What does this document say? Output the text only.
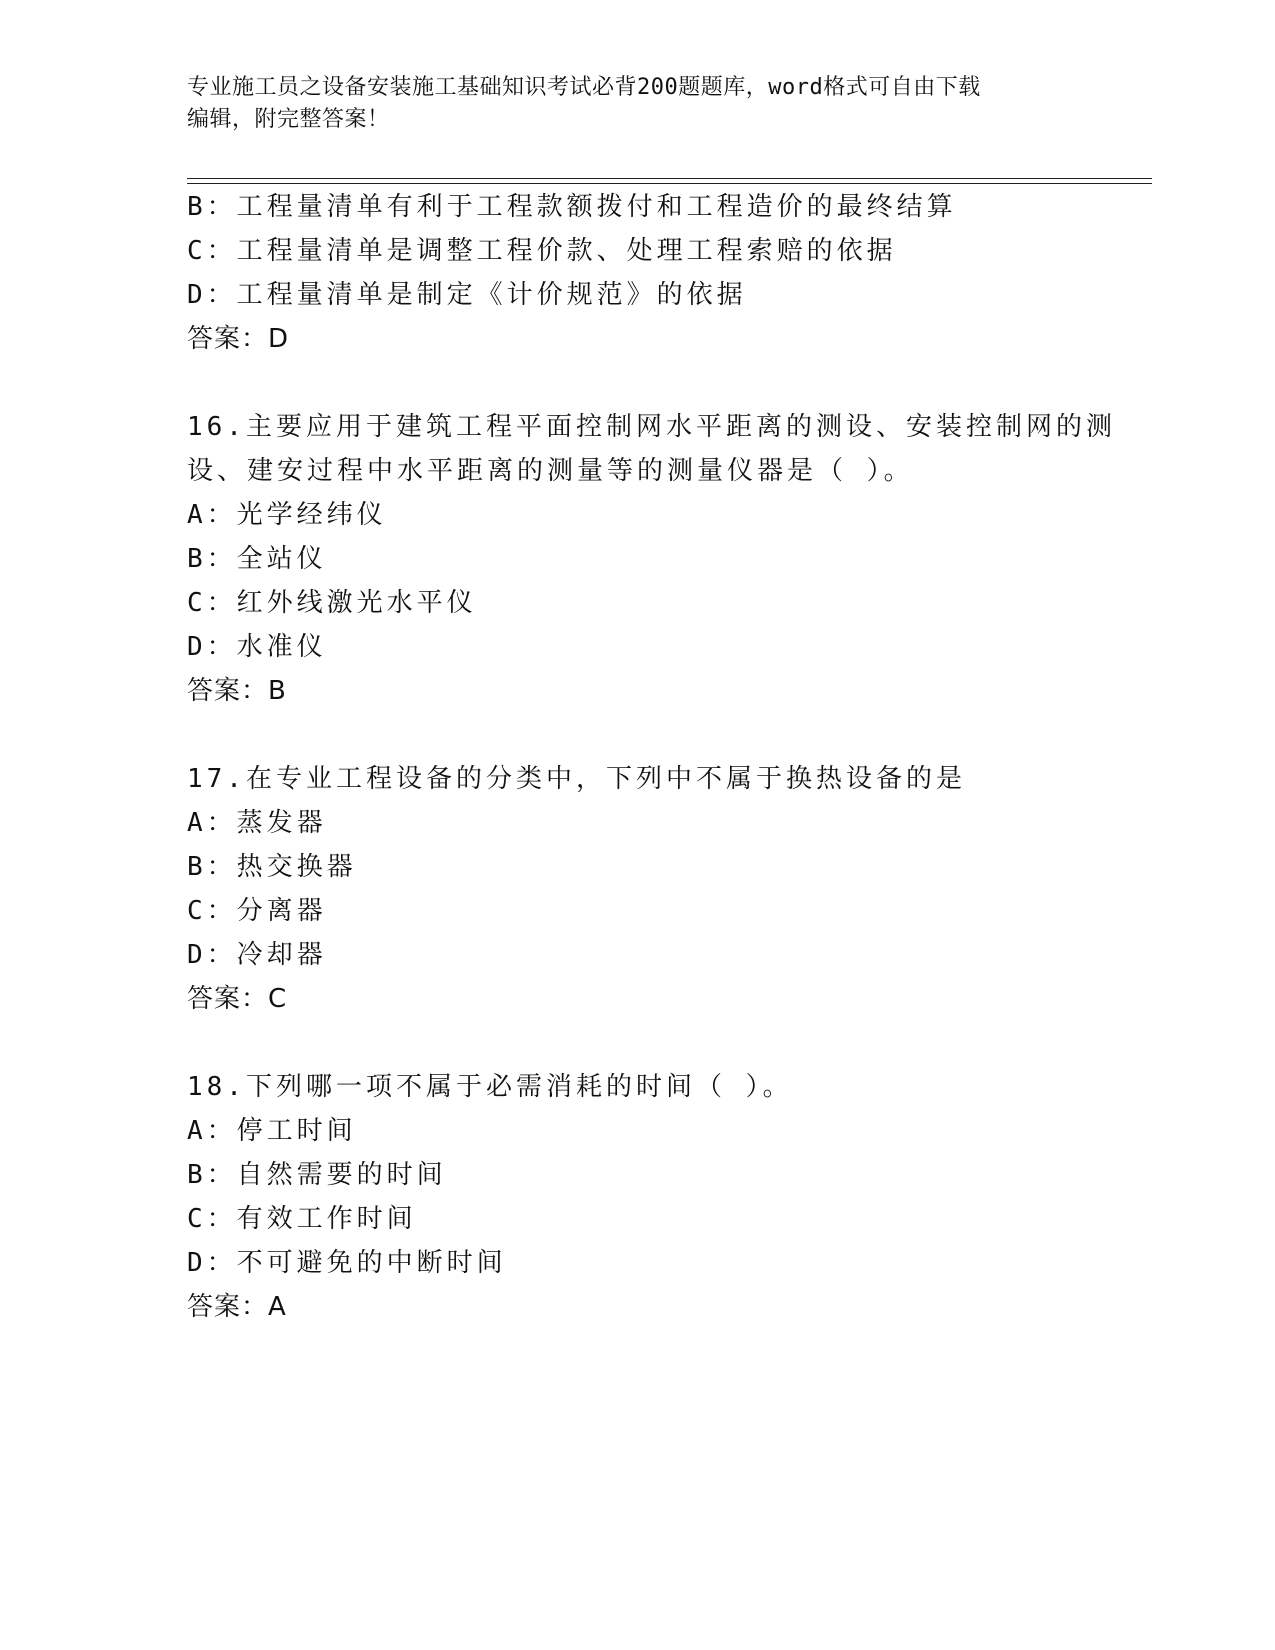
专业施工员之设备安装施工基础知识考试必背200题题库，word格式可自由下载
编辑，附完整答案！
B：工程量清单有利于工程款额拨付和工程造价的最终结算
C：工程量清单是调整工程价款、处理工程索赔的依据
D：工程量清单是制定《计价规范》的依据
答案：D
16.主要应用于建筑工程平面控制网水平距离的测设、安装控制网的测
设、建安过程中水平距离的测量等的测量仪器是（ ）。
A：光学经纬仪
B：全站仪
C：红外线激光水平仪
D：水准仪
答案：B
17.在专业工程设备的分类中，下列中不属于换热设备的是
A：蒸发器
B：热交换器
C：分离器
D：冷却器
答案：C
18.下列哪一项不属于必需消耗的时间（ ）。
A：停工时间
B：自然需要的时间
C：有效工作时间
D：不可避免的中断时间
答案：A
